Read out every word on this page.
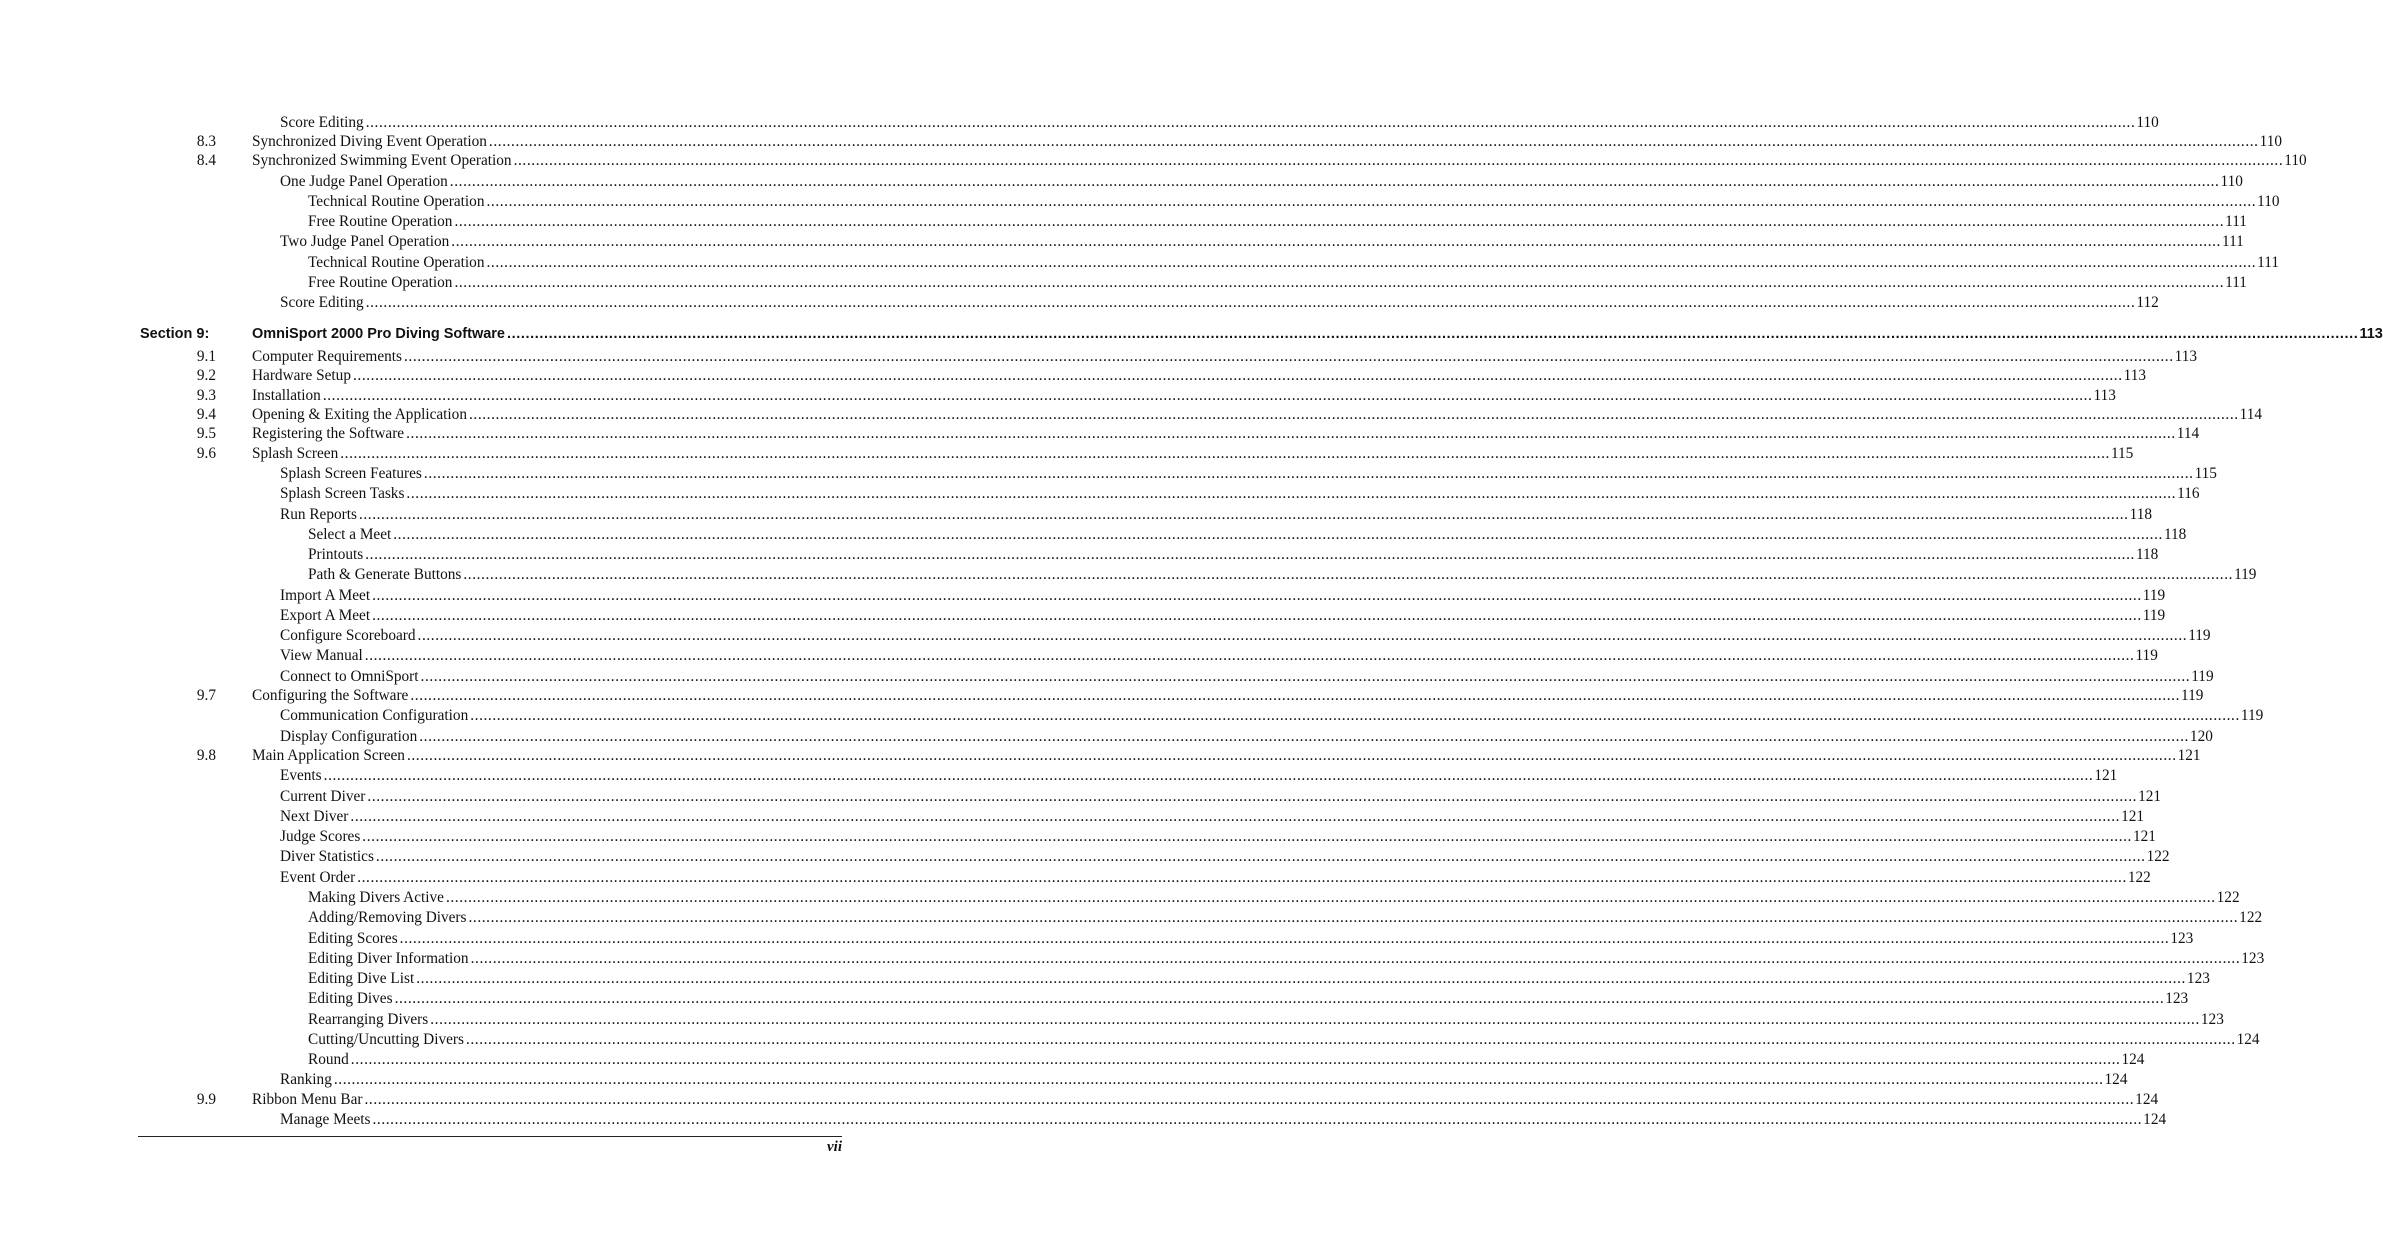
Score Editing ................................................................................................................................................................................................................................................................................................................................................................................................................ 110
8.3 Synchronized Diving Event Operation ................................................................................................................................................................................................................................................................................................................................................................................................................ 110
8.4 Synchronized Swimming Event Operation ................................................................................................................................................................................................................................................................................................................................................................................................................ 110
One Judge Panel Operation ................................................................................................................................................................................................................................................................................................................................................................................................................ 110
Technical Routine Operation ................................................................................................................................................................................................................................................................................................................................................................................................................ 110
Free Routine Operation ................................................................................................................................................................................................................................................................................................................................................................................................................ 111
Two Judge Panel Operation ................................................................................................................................................................................................................................................................................................................................................................................................................ 111
Technical Routine Operation ................................................................................................................................................................................................................................................................................................................................................................................................................ 111
Free Routine Operation ................................................................................................................................................................................................................................................................................................................................................................................................................ 111
Score Editing ................................................................................................................................................................................................................................................................................................................................................................................................................ 112
Section 9:	OmniSport 2000 Pro Diving Software ................................................................................................................................................................................................................................................................................................................................................................................................................ 113
9.1 Computer Requirements ................................................................................................................................................................................................................................................................................................................................................................................................................ 113
9.2 Hardware Setup ................................................................................................................................................................................................................................................................................................................................................................................................................ 113
9.3 Installation ................................................................................................................................................................................................................................................................................................................................................................................................................ 113
9.4 Opening & Exiting the Application ................................................................................................................................................................................................................................................................................................................................................................................................................ 114
9.5 Registering the Software ................................................................................................................................................................................................................................................................................................................................................................................................................ 114
9.6 Splash Screen ................................................................................................................................................................................................................................................................................................................................................................................................................ 115
Splash Screen Features ................................................................................................................................................................................................................................................................................................................................................................................................................ 115
Splash Screen Tasks ................................................................................................................................................................................................................................................................................................................................................................................................................ 116
Run Reports ................................................................................................................................................................................................................................................................................................................................................................................................................ 118
Select a Meet ................................................................................................................................................................................................................................................................................................................................................................................................................ 118
Printouts ................................................................................................................................................................................................................................................................................................................................................................................................................ 118
Path & Generate Buttons ................................................................................................................................................................................................................................................................................................................................................................................................................ 119
Import A Meet ................................................................................................................................................................................................................................................................................................................................................................................................................ 119
Export A Meet ................................................................................................................................................................................................................................................................................................................................................................................................................ 119
Configure Scoreboard ................................................................................................................................................................................................................................................................................................................................................................................................................ 119
View Manual ................................................................................................................................................................................................................................................................................................................................................................................................................ 119
Connect to OmniSport ................................................................................................................................................................................................................................................................................................................................................................................................................ 119
9.7 Configuring the Software ................................................................................................................................................................................................................................................................................................................................................................................................................ 119
Communication Configuration ................................................................................................................................................................................................................................................................................................................................................................................................................ 119
Display Configuration ................................................................................................................................................................................................................................................................................................................................................................................................................ 120
9.8 Main Application Screen ................................................................................................................................................................................................................................................................................................................................................................................................................ 121
Events ................................................................................................................................................................................................................................................................................................................................................................................................................ 121
Current Diver ................................................................................................................................................................................................................................................................................................................................................................................................................ 121
Next Diver ................................................................................................................................................................................................................................................................................................................................................................................................................ 121
Judge Scores ................................................................................................................................................................................................................................................................................................................................................................................................................ 121
Diver Statistics ................................................................................................................................................................................................................................................................................................................................................................................................................ 122
Event Order ................................................................................................................................................................................................................................................................................................................................................................................................................ 122
Making Divers Active ................................................................................................................................................................................................................................................................................................................................................................................................................ 122
Adding/Removing Divers ................................................................................................................................................................................................................................................................................................................................................................................................................ 122
Editing Scores ................................................................................................................................................................................................................................................................................................................................................................................................................ 123
Editing Diver Information ................................................................................................................................................................................................................................................................................................................................................................................................................ 123
Editing Dive List ................................................................................................................................................................................................................................................................................................................................................................................................................ 123
Editing Dives ................................................................................................................................................................................................................................................................................................................................................................................................................ 123
Rearranging Divers ................................................................................................................................................................................................................................................................................................................................................................................................................ 123
Cutting/Uncutting Divers ................................................................................................................................................................................................................................................................................................................................................................................................................ 124
Round ................................................................................................................................................................................................................................................................................................................................................................................................................ 124
Ranking ................................................................................................................................................................................................................................................................................................................................................................................................................ 124
9.9 Ribbon Menu Bar ................................................................................................................................................................................................................................................................................................................................................................................................................ 124
Manage Meets ................................................................................................................................................................................................................................................................................................................................................................................................................ 124
vii
